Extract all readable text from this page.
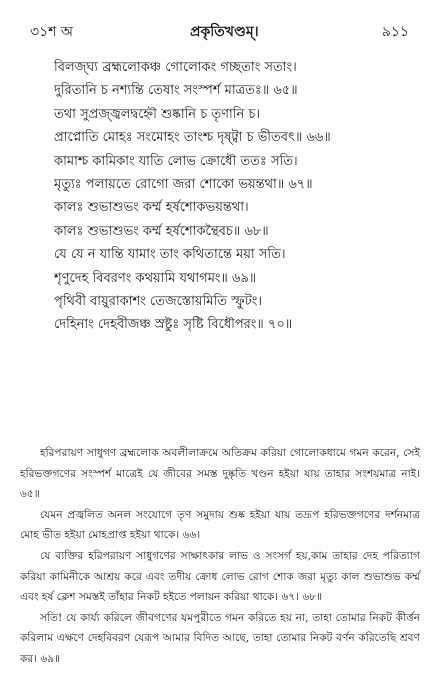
৩১শ অ	প্রকৃতিখণ্ডম্‌।	৯১১
বিলজ্ঘ্য ব্রহ্মলোকঞ্চ গোলোকং গচ্ছতাং সতাং।
দুরিতানি চ নশ্যন্তি তেষাং সংস্পর্শ মাত্রতঃ॥ ৬৫॥
তথা সুপ্রজ্জ্বলদ্বহ্নৌ শুষ্কানি চ তৃণানি চ।
প্রাপ্নোতি মোহঃ সংমোহং তাংশ্চ দৃষ্ট্বা চ ভীতবৎ॥ ৬৬॥
কামাশ্চ কামিকাং যাতি লোভ ক্রোধৌ ততঃ সতি।
মৃত্যুঃ পলায়তে রোগো জরা শোকো ভয়ন্তথা॥ ৬৭॥
কালঃ শুভাশুভং কর্ম্ম হর্ষশোকভয়ন্তথা।
কালঃ শুভাশুভং কর্ম্ম হর্ষশোকন্থৈবচ॥ ৬৮॥
যে যে ন যান্তি যামাং তাং কথিতান্তে ময়া সতি।
শৃণুদেহ বিবরণং কথয়ামি যথাগমং॥ ৬৯॥
পৃথিবী বায়ুরাকাশং তেজস্তোয়মিতি স্ফুটং।
দেহিনাং দেহবীজঞ্চ স্রষ্টুঃ সৃষ্টি বিধৌপরং॥ ৭০॥

হরিপরায়ণ সাধুগণ ব্রহ্মলোক অবলীলাক্রমে অতিক্রম করিয়া গোলোকধামে গমন করেন, সেই হরিভক্তগণের সংস্পর্শ মাত্রেই যে জীবের সমস্ত দুষ্কৃতি খণ্ডন হইয়া যায় তাহার সংশয়মাত্র নাই। ৬৫॥

যেমন প্রজ্বলিত অনল সংযোগে তৃণ সমুদায় শুষ্ক হইয়া যায় তদ্রূপ হরিভক্তগণের দর্শনমাত্র মোহ ভীত হইয়া মোহপ্রাপ্ত হইয়া থাকে। ৬৬।

যে ব্যক্তির হরিপরায়ণ সাধুগণের সাক্ষাৎকার লাভ ও সংসর্গ হয়,কাম তাহার দেহ পরিত্যাগ করিয়া কামিনীকে আশ্রয় করে এবং তদীয় ক্রোধ লোভ রোগ শোক জরা মৃত্যু কাল শুভাশুভ কর্ম্ম এবং হর্ষ ক্লেশ সমস্তই তাঁহার নিকট হইতে পলায়ন করিয়া থাকে। ৬৭। ৬৮॥

সতি! যে কার্য্য করিলে জীবগণের যমপুরীতে গমন করিতে হয় না, তাহা তোমার নিকট কীর্ত্তন করিলাম এক্ষণে দেহবিবরণ যেরূপ আমার বিদিত আছে, তাহা তোমার নিকট বর্ণন করিতেছি শ্রবণ কর। ৬৯॥
